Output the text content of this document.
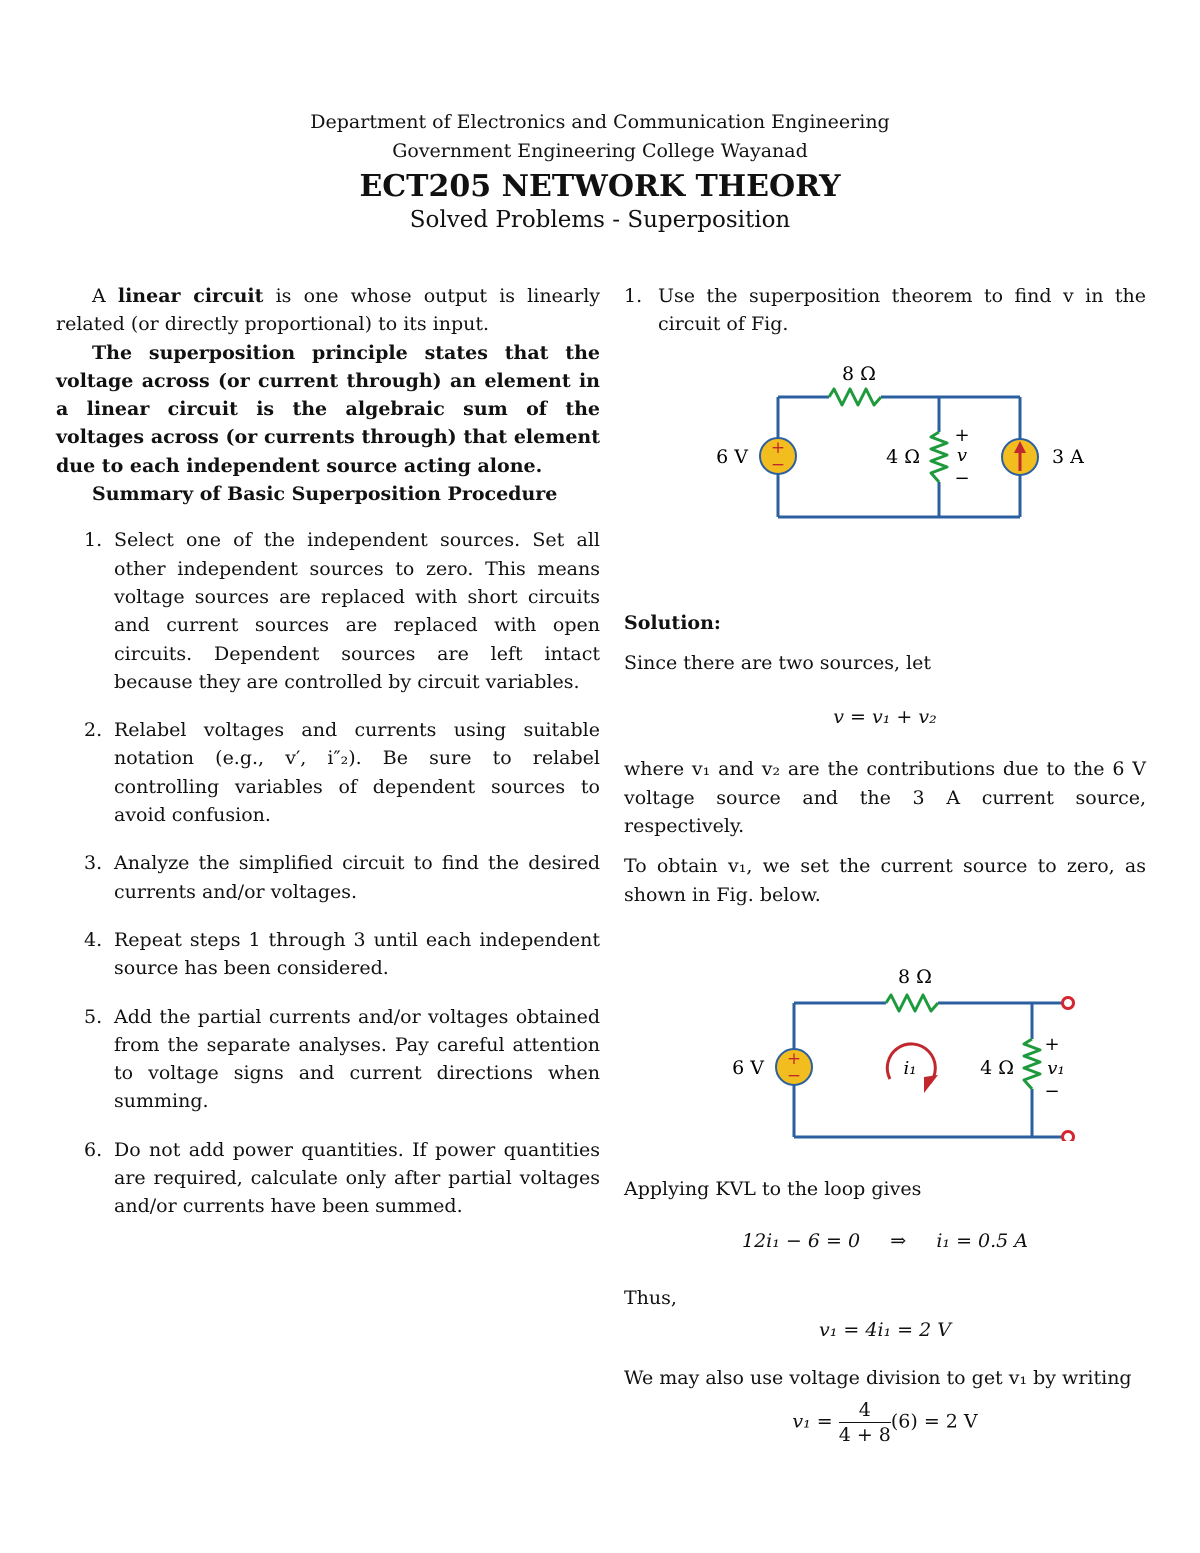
Department of Electronics and Communication Engineering
Government Engineering College Wayanad
ECT205 NETWORK THEORY
Solved Problems - Superposition

A linear circuit is one whose output is linearly related (or directly proportional) to its input.

The superposition principle states that the voltage across (or current through) an element in a linear circuit is the algebraic sum of the voltages across (or currents through) that element due to each independent source acting alone.

Summary of Basic Superposition Procedure

1. Select one of the independent sources. Set all other independent sources to zero. This means voltage sources are replaced with short circuits and current sources are replaced with open circuits. Dependent sources are left intact because they are controlled by circuit variables.
2. Relabel voltages and currents using suitable notation (e.g., v′, i″₂). Be sure to relabel controlling variables of dependent sources to avoid confusion.
3. Analyze the simplified circuit to find the desired currents and/or voltages.
4. Repeat steps 1 through 3 until each independent source has been considered.
5. Add the partial currents and/or voltages obtained from the separate analyses. Pay careful attention to voltage signs and current directions when summing.
6. Do not add power quantities. If power quantities are required, calculate only after partial voltages and/or currents have been summed.
1. Use the superposition theorem to find v in the circuit of Fig.
+
−
8 Ω
6 V	4 Ω
+
v
−
3 A

Solution:

Since there are two sources, let

v = v₁ + v₂

where v₁ and v₂ are the contributions due to the 6 V voltage source and the 3 A current source, respectively.

To obtain v₁, we set the current source to zero, as shown in Fig. below.

+
−	i₁
8 Ω
6 V	4 Ω
+
v₁
−

Applying KVL to the loop gives

12i₁ − 6 = 0     ⇒     i₁ = 0.5 A

Thus,

v₁ = 4i₁ = 2 V

We may also use voltage division to get v₁ by writing

$v_1 = \frac{4}{4 + 8} (6) = 2$ V
